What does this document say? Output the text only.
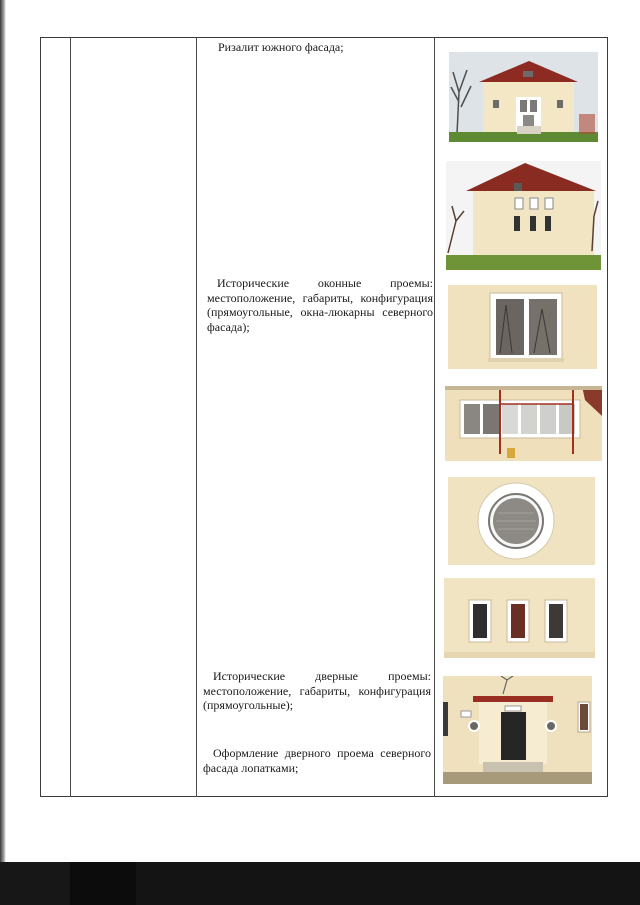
Ризалит южного фасада;
Исторические оконные проемы: местоположение, габариты, конфигурация (прямоугольные, окна-люкарны северного фасада);
Исторические дверные проемы: местоположение, габариты, конфигурация (прямоугольные);
Оформление дверного проема северного фасада лопатками;
